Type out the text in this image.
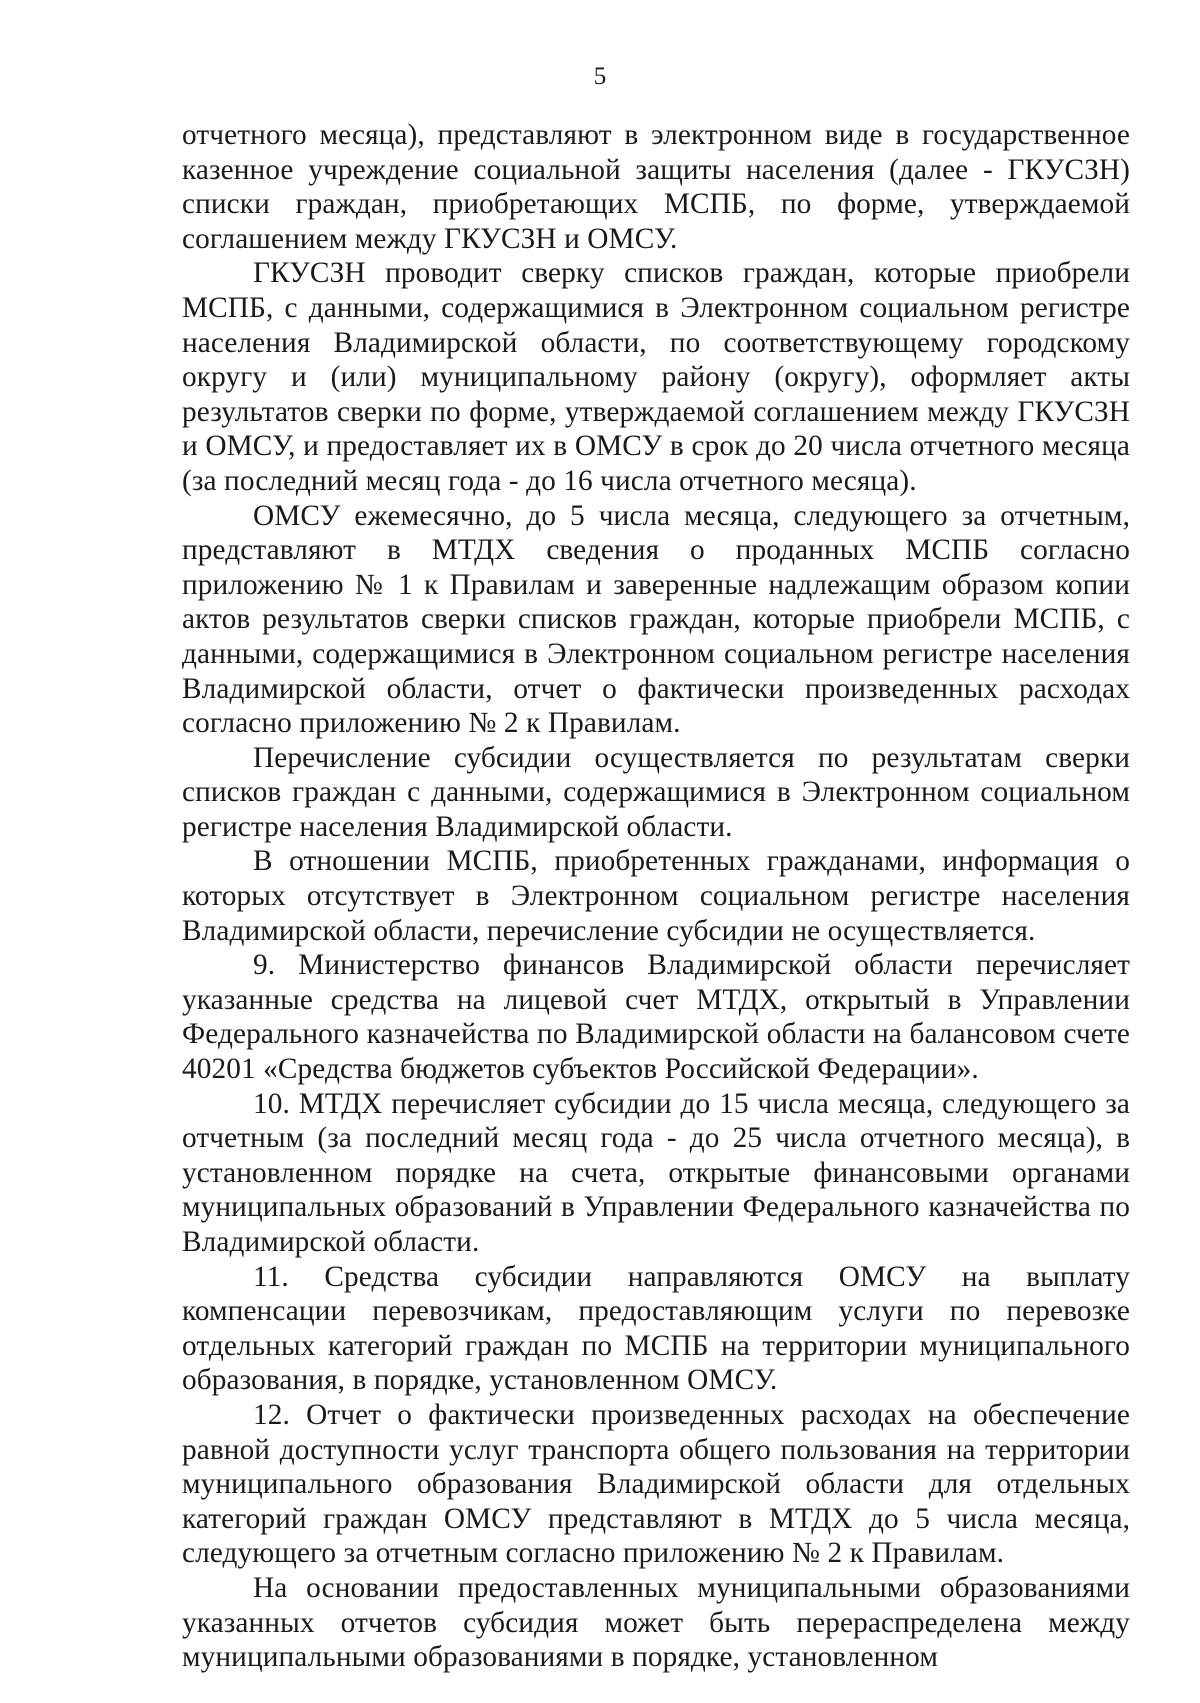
5

отчетного месяца), представляют в электронном виде в государственное казенное учреждение социальной защиты населения (далее - ГКУСЗН) списки граждан, приобретающих МСПБ, по форме, утверждаемой соглашением между ГКУСЗН и ОМСУ.

ГКУСЗН проводит сверку списков граждан, которые приобрели МСПБ, с данными, содержащимися в Электронном социальном регистре населения Владимирской области, по соответствующему городскому округу и (или) муниципальному району (округу), оформляет акты результатов сверки по форме, утверждаемой соглашением между ГКУСЗН и ОМСУ, и предоставляет их в ОМСУ в срок до 20 числа отчетного месяца (за последний месяц года - до 16 числа отчетного месяца).

ОМСУ ежемесячно, до 5 числа месяца, следующего за отчетным, представляют в МТДХ сведения о проданных МСПБ согласно приложению № 1 к Правилам и заверенные надлежащим образом копии актов результатов сверки списков граждан, которые приобрели МСПБ, с данными, содержащимися в Электронном социальном регистре населения Владимирской области, отчет о фактически произведенных расходах согласно приложению № 2 к Правилам.

Перечисление субсидии осуществляется по результатам сверки списков граждан с данными, содержащимися в Электронном социальном регистре населения Владимирской области.

В отношении МСПБ, приобретенных гражданами, информация о которых отсутствует в Электронном социальном регистре населения Владимирской области, перечисление субсидии не осуществляется.

9. Министерство финансов Владимирской области перечисляет указанные средства на лицевой счет МТДХ, открытый в Управлении Федерального казначейства по Владимирской области на балансовом счете 40201 «Средства бюджетов субъектов Российской Федерации».

10. МТДХ перечисляет субсидии до 15 числа месяца, следующего за отчетным (за последний месяц года - до 25 числа отчетного месяца), в установленном порядке на счета, открытые финансовыми органами муниципальных образований в Управлении Федерального казначейства по Владимирской области.

11. Средства субсидии направляются ОМСУ на выплату компенсации перевозчикам, предоставляющим услуги по перевозке отдельных категорий граждан по МСПБ на территории муниципального образования, в порядке, установленном ОМСУ.

12. Отчет о фактически произведенных расходах на обеспечение равной доступности услуг транспорта общего пользования на территории муниципального образования Владимирской области для отдельных категорий граждан ОМСУ представляют в МТДХ до 5 числа месяца, следующего за отчетным согласно приложению № 2 к Правилам.

На основании предоставленных муниципальными образованиями указанных отчетов субсидия может быть перераспределена между муниципальными образованиями в порядке, установленном
